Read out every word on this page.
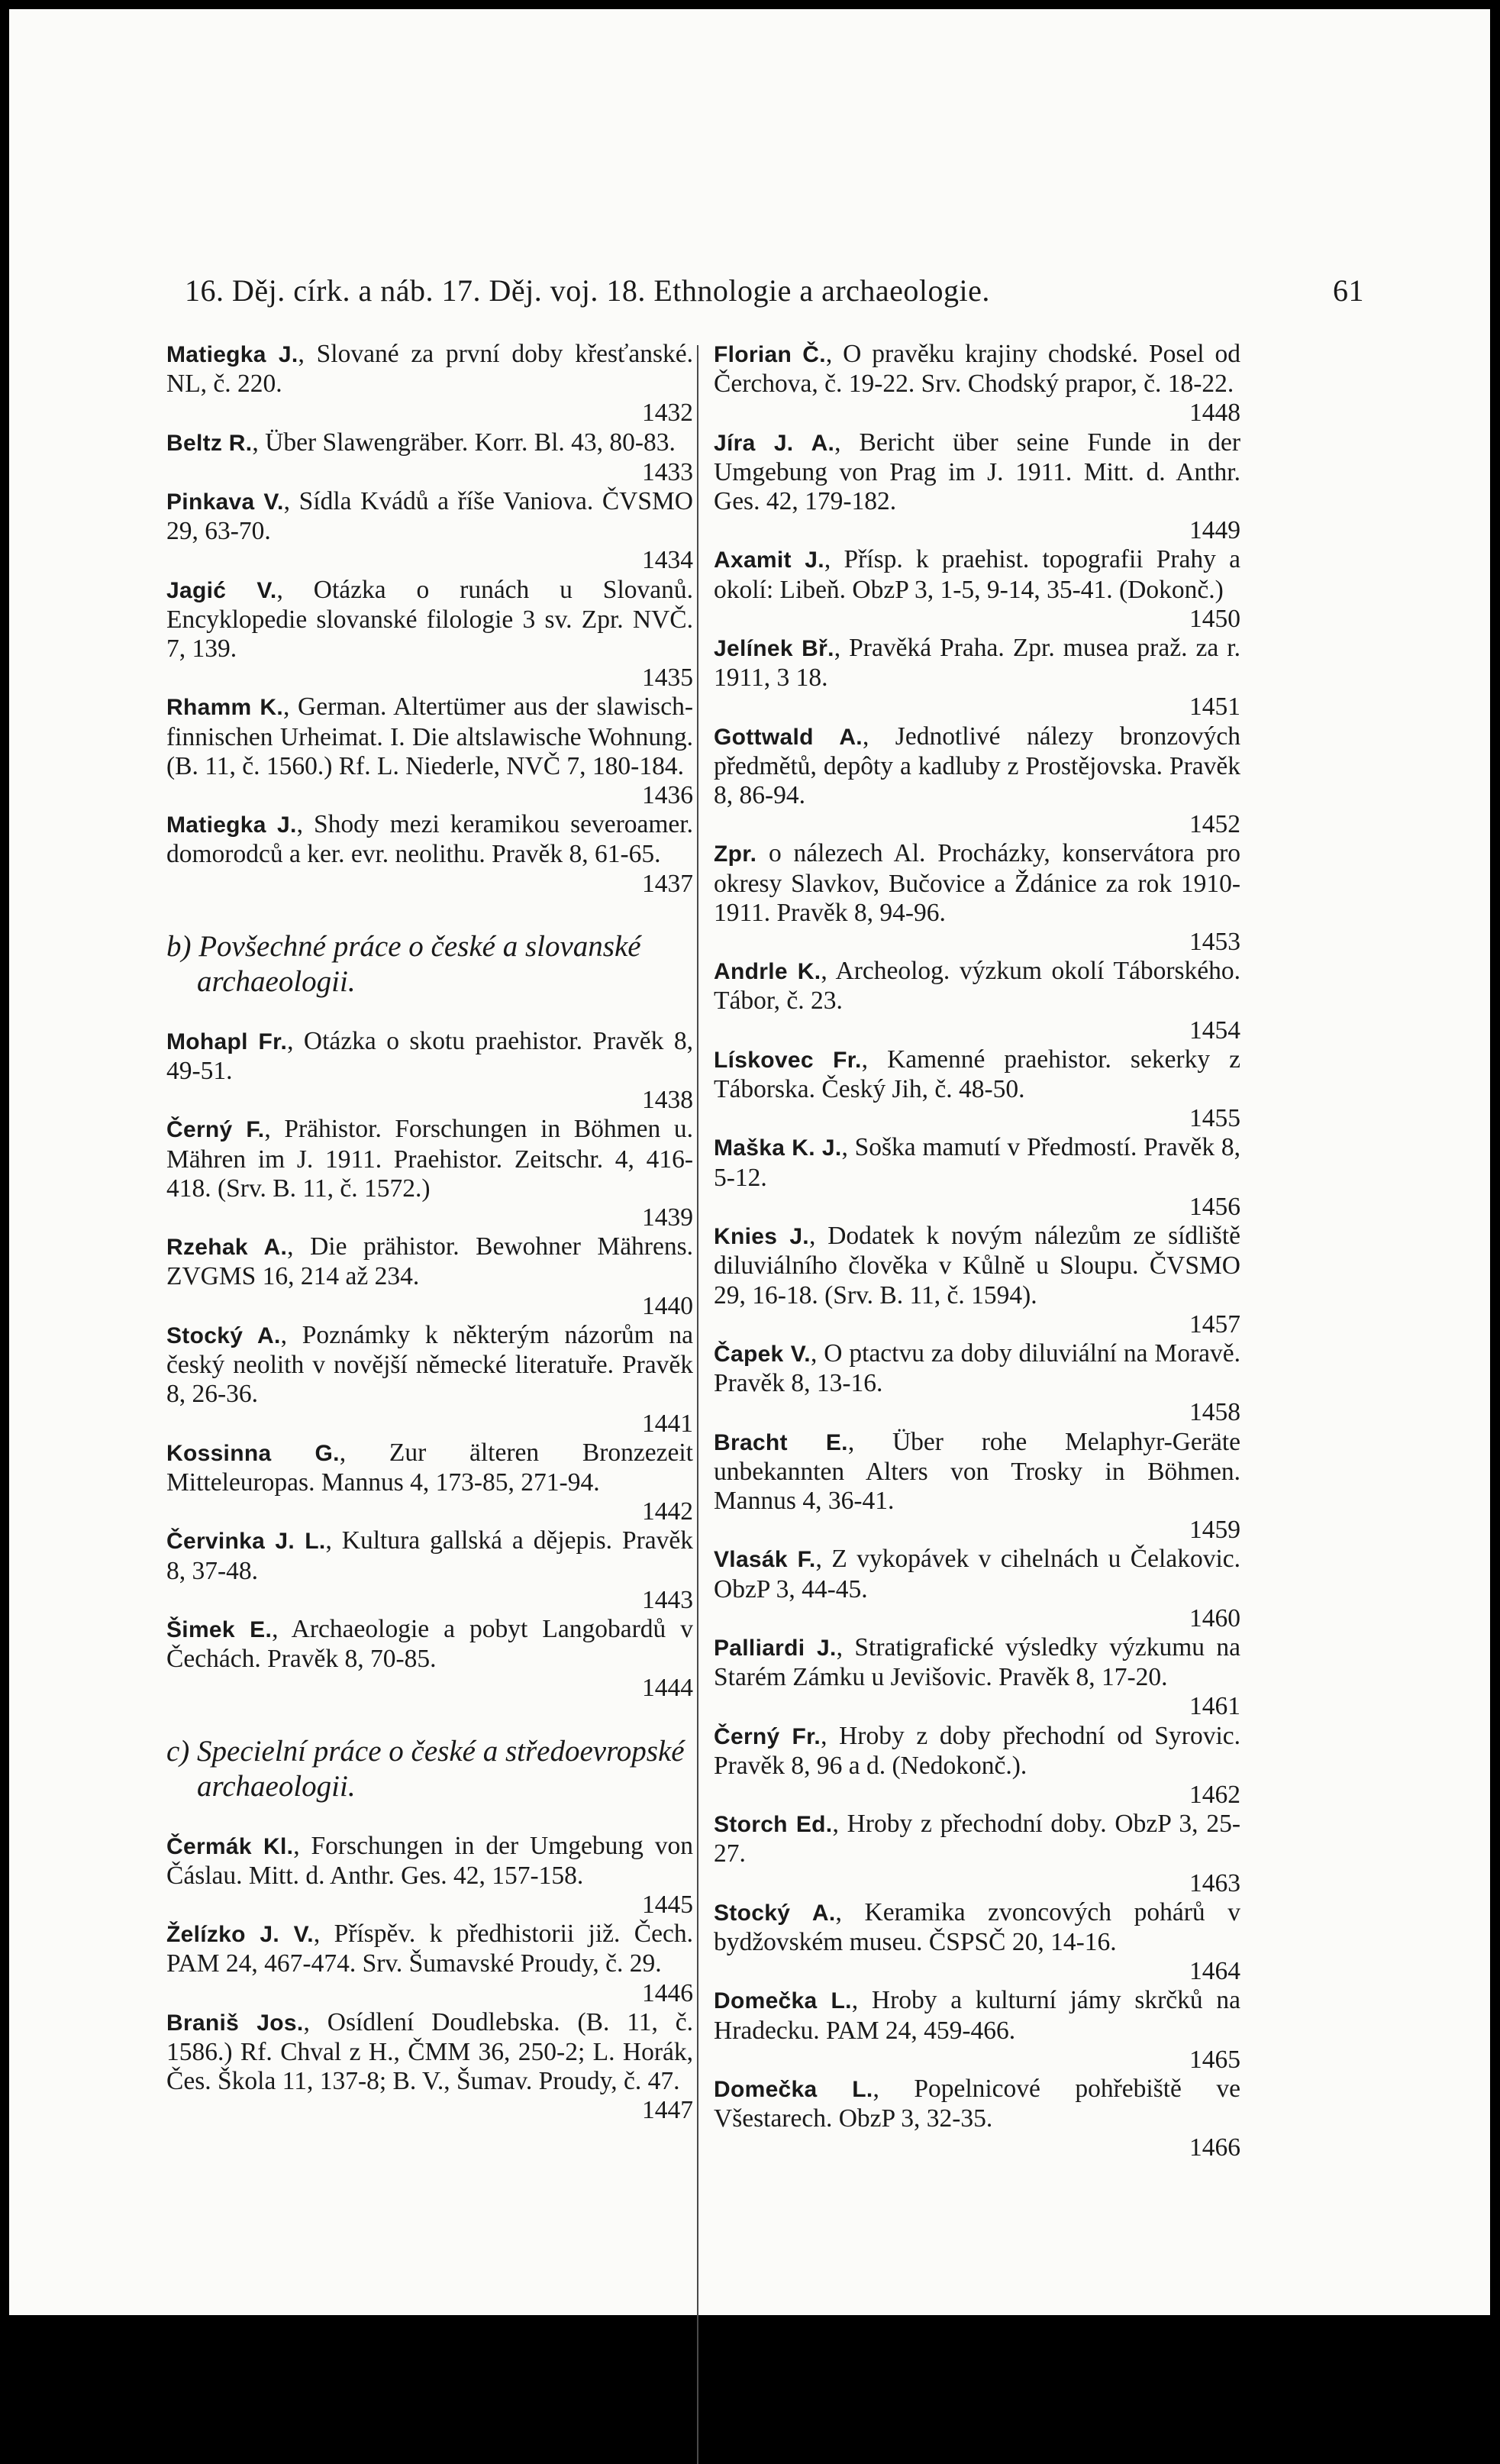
16. Děj. círk. a náb. 17. Děj. voj. 18. Ethnologie a archaeologie.	61

Matiegka J., Slované za první doby křesťanské. NL, č. 220.
1432

Beltz R., Über Slawengräber. Korr. Bl. 43, 80-83.
1433

Pinkava V., Sídla Kvádů a říše Vaniova. ČVSMO 29, 63-70.
1434

Jagić V., Otázka o runách u Slovanů. Encyklopedie slovanské filologie 3 sv. Zpr. NVČ. 7, 139.
1435

Rhamm K., German. Altertümer aus der slawisch-finnischen Urheimat. I. Die altslawische Wohnung. (B. 11, č. 1560.) Rf. L. Niederle, NVČ 7, 180-184.
1436

Matiegka J., Shody mezi keramikou severoamer. domorodců a ker. evr. neolithu. Pravěk 8, 61-65.
1437

b) Povšechné práce o české a slovanské archaeologii.

Mohapl Fr., Otázka o skotu praehistor. Pravěk 8, 49-51.
1438

Černý F., Prähistor. Forschungen in Böhmen u. Mähren im J. 1911. Praehistor. Zeitschr. 4, 416-418. (Srv. B. 11, č. 1572.)
1439

Rzehak A., Die prähistor. Bewohner Mährens. ZVGMS 16, 214 až 234.
1440

Stocký A., Poznámky k některým názorům na český neolith v novější německé literatuře. Pravěk 8, 26-36.
1441

Kossinna G., Zur älteren Bronzezeit Mitteleuropas. Mannus 4, 173-85, 271-94.
1442

Červinka J. L., Kultura gallská a dějepis. Pravěk 8, 37-48.
1443

Šimek E., Archaeologie a pobyt Langobardů v Čechách. Pravěk 8, 70-85.
1444

c) Specielní práce o české a středoevropské archaeologii.

Čermák Kl., Forschungen in der Umgebung von Čáslau. Mitt. d. Anthr. Ges. 42, 157-158.
1445

Želízko J. V., Příspěv. k předhistorii již. Čech. PAM 24, 467-474. Srv. Šumavské Proudy, č. 29.
1446

Braniš Jos., Osídlení Doudlebska. (B. 11, č. 1586.) Rf. Chval z H., ČMM 36, 250-2; L. Horák, Čes. Škola 11, 137-8; B. V., Šumav. Proudy, č. 47.
1447

Florian Č., O pravěku krajiny chodské. Posel od Čerchova, č. 19-22. Srv. Chodský prapor, č. 18-22.
1448

Jíra J. A., Bericht über seine Funde in der Umgebung von Prag im J. 1911. Mitt. d. Anthr. Ges. 42, 179-182.
1449

Axamit J., Přísp. k praehist. topografii Prahy a okolí: Libeň. ObzP 3, 1-5, 9-14, 35-41. (Dokonč.)
1450

Jelínek Bř., Pravěká Praha. Zpr. musea praž. za r. 1911, 3 18.
1451

Gottwald A., Jednotlivé nálezy bronzových předmětů, depôty a kadluby z Prostějovska. Pravěk 8, 86-94.
1452

Zpr. o nálezech Al. Procházky, konservátora pro okresy Slavkov, Bučovice a Ždánice za rok 1910-1911. Pravěk 8, 94-96.
1453

Andrle K., Archeolog. výzkum okolí Táborského. Tábor, č. 23.
1454

Lískovec Fr., Kamenné praehistor. sekerky z Táborska. Český Jih, č. 48-50.
1455

Maška K. J., Soška mamutí v Předmostí. Pravěk 8, 5-12.
1456

Knies J., Dodatek k novým nálezům ze sídliště diluviálního člověka v Kůlně u Sloupu. ČVSMO 29, 16-18. (Srv. B. 11, č. 1594).
1457

Čapek V., O ptactvu za doby diluviální na Moravě. Pravěk 8, 13-16.
1458

Bracht E., Über rohe Melaphyr-Geräte unbekannten Alters von Trosky in Böhmen. Mannus 4, 36-41.
1459

Vlasák F., Z vykopávek v cihelnách u Čelakovic. ObzP 3, 44-45.
1460

Palliardi J., Stratigrafické výsledky výzkumu na Starém Zámku u Jevišovic. Pravěk 8, 17-20.
1461

Černý Fr., Hroby z doby přechodní od Syrovic. Pravěk 8, 96 a d. (Nedokonč.).
1462

Storch Ed., Hroby z přechodní doby. ObzP 3, 25-27.
1463

Stocký A., Keramika zvoncových pohárů v bydžovském museu. ČSPSČ 20, 14-16.
1464

Domečka L., Hroby a kulturní jámy skrčků na Hradecku. PAM 24, 459-466.
1465

Domečka L., Popelnicové pohřebiště ve Všestarech. ObzP 3, 32-35.
1466
